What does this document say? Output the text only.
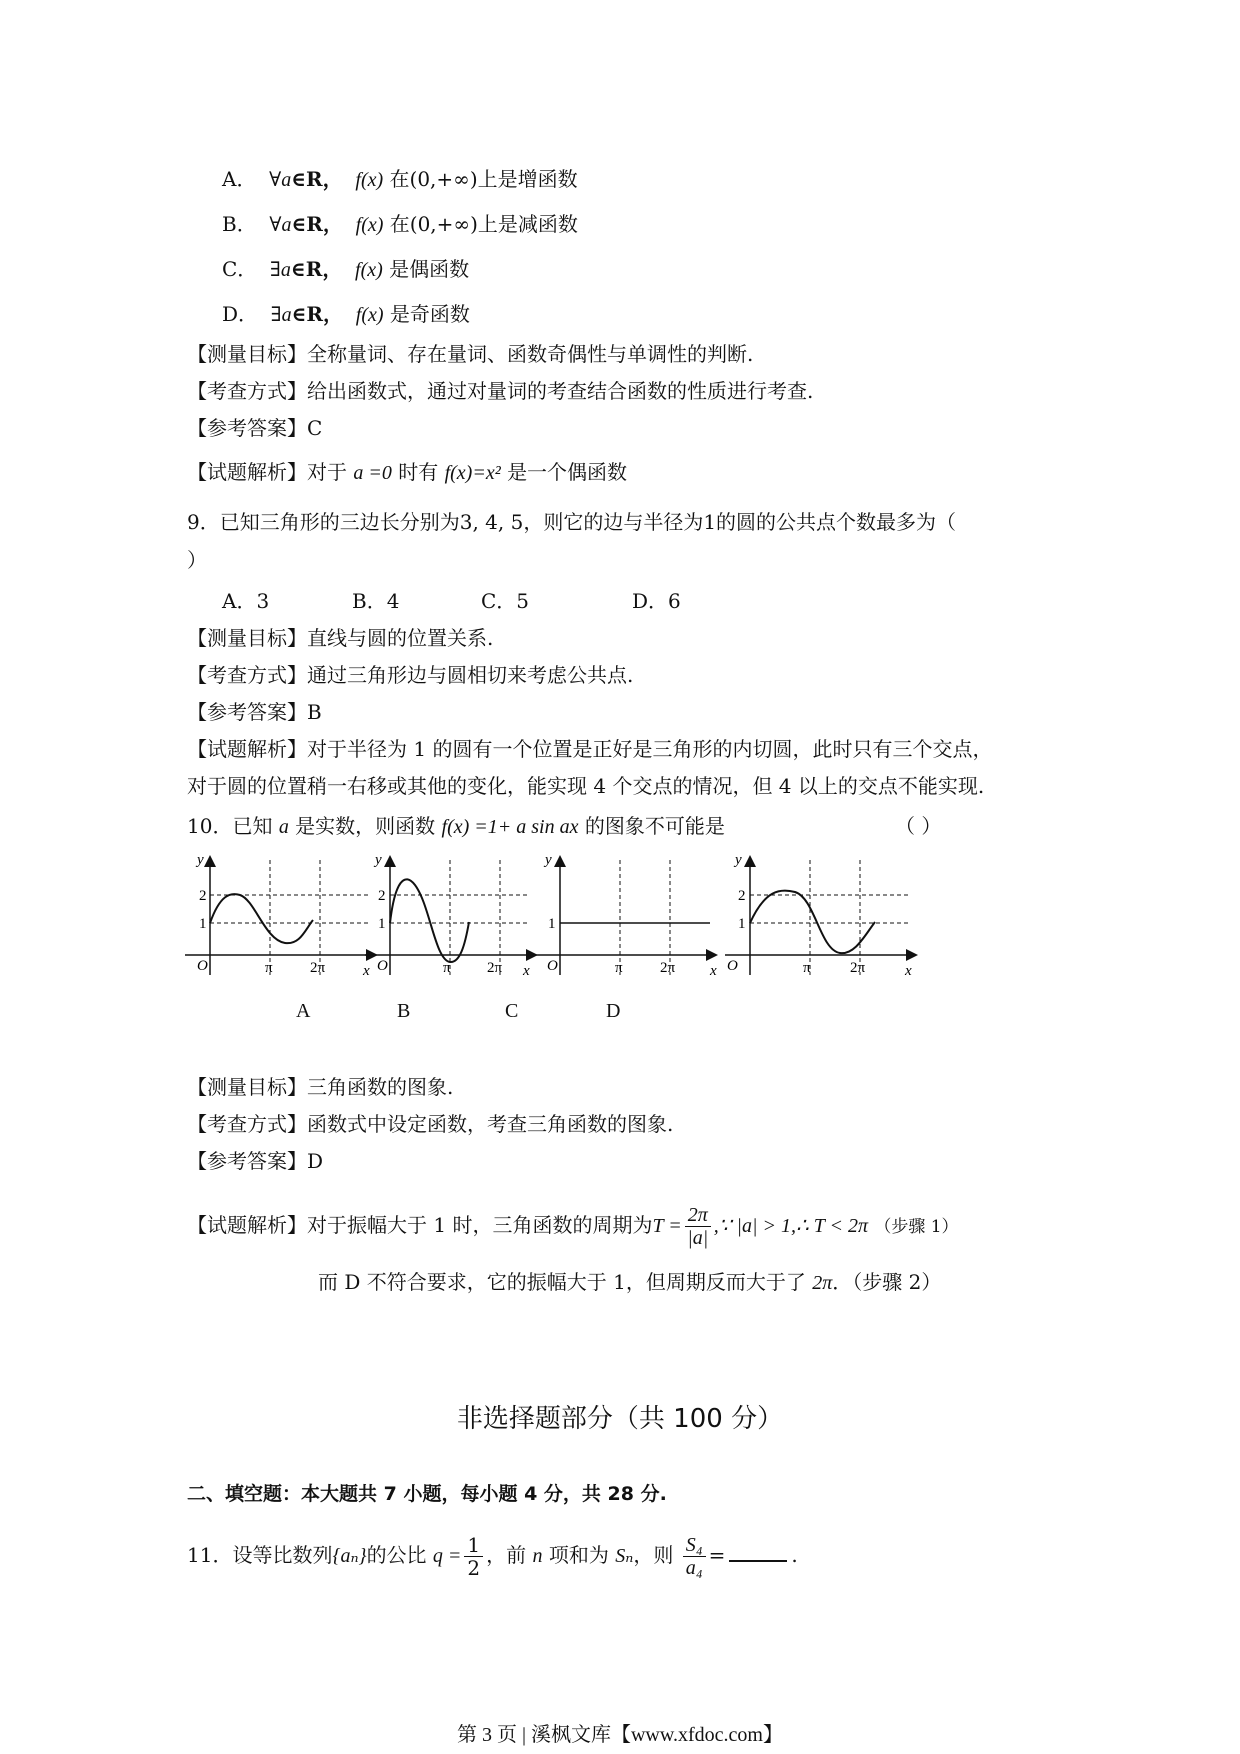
A． ∀a∈R， f(x) 在(0,+∞)上是增函数
B． ∀a∈R， f(x) 在(0,+∞)上是减函数
C． ∃a∈R， f(x) 是偶函数
D． ∃a∈R， f(x) 是奇函数
【测量目标】全称量词、存在量词、函数奇偶性与单调性的判断.
【考查方式】给出函数式，通过对量词的考查结合函数的性质进行考查.
【参考答案】C
【试题解析】对于 a =0 时有 f(x)=x² 是一个偶函数
9．已知三角形的三边长分别为3, 4, 5，则它的边与半径为1的圆的公共点个数最多为（
）
A．3	B．4	C．5	D．6
【测量目标】直线与圆的位置关系.
【考查方式】通过三角形边与圆相切来考虑公共点.
【参考答案】B
【试题解析】对于半径为 1 的圆有一个位置是正好是三角形的内切圆，此时只有三个交点，
对于圆的位置稍一右移或其他的变化，能实现 4 个交点的情况，但 4 以上的交点不能实现.
10．已知 a 是实数，则函数 f(x) =1+ a sin ax 的图象不可能是	（ ）
y
2
1
O	π 2π	x
y
2
1
O	π 2π x
y
1
O	π 2π x
y
2
1
O	π	2π	x
A	B	C	D
【测量目标】三角函数的图象.
【考查方式】函数式中设定函数，考查三角函数的图象.
【参考答案】D
【试题解析】对于振幅大于 1 时，三角函数的周期为$T = \frac{2\pi}{|a|}$ ,∵ |a| > 1,∴ T < 2π （步骤 1）
而 D 不符合要求，它的振幅大于 1，但周期反而大于了 2π．（步骤 2）
非选择题部分（共 100 分）
二、填空题：本大题共 7 小题，每小题 4 分，共 28 分.
11．设等比数列{aₙ}的公比 $q = \frac{1}{2}$ ，前 n 项和为 Sₙ，则 $\frac{\text{S₄}}{\text{a₄}}$ =	.
第 3 页 | 溪枫文库【www.xfdoc.com】
